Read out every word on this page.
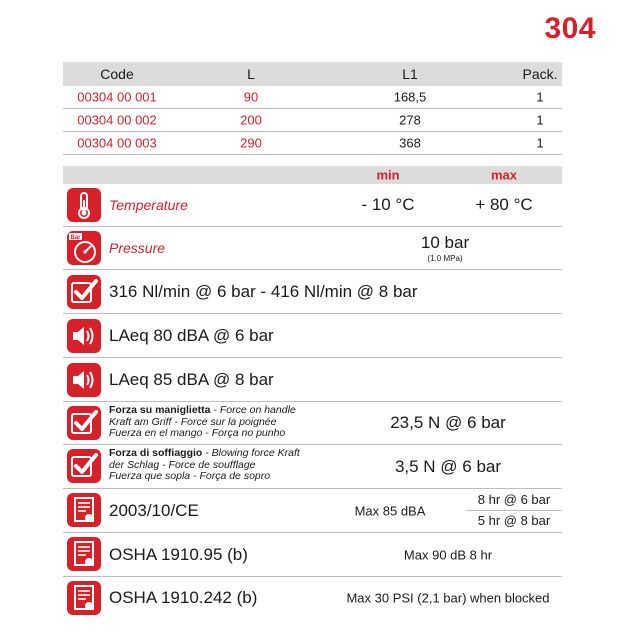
304
Code	L	L1	Pack.
00304 00 001	90	168,5	1
00304 00 002	200	278	1
00304 00 003	290	368	1
min	max
Temperature	- 10 °C	+ 80 °C
Bar
Pressure	10 bar
(1.0 MPa)
316 Nl/min @ 6 bar - 416 Nl/min @ 8 bar
LAeq 80 dBA @ 6 bar
LAeq 85 dBA @ 8 bar
Forza su maniglietta - Force on handle
Kraft am Griff - Force sur la poignée
Fuerza en el mango - Força no punho
23,5 N @ 6 bar
Forza di soffiaggio - Blowing force Kraft
der Schlag - Force de soufflage
Fuerza que sopla - Força de sopro
3,5 N @ 6 bar
2003/10/CE	Max 85 dBA
8 hr @ 6 bar
5 hr @ 8 bar
OSHA 1910.95 (b)	Max 90 dB 8 hr
OSHA 1910.242 (b)	Max 30 PSI (2,1 bar) when blocked
